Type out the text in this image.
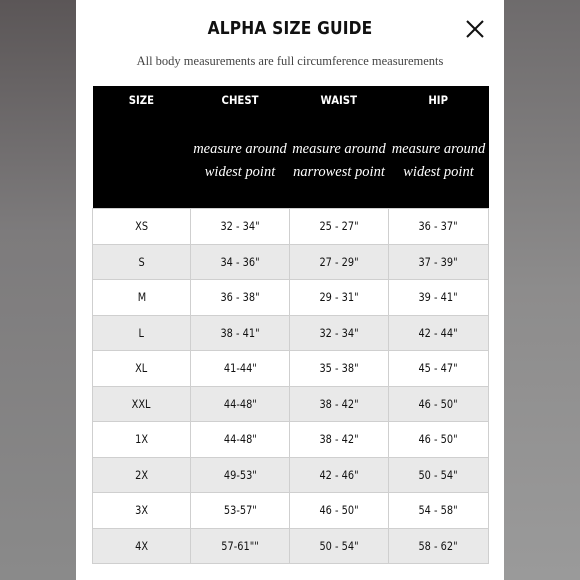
ALPHA SIZE GUIDE
All body measurements are full circumference measurements
SIZE	CHEST	WAIST	HIP
	measure around widest point	measure around narrowest point	measure around widest point
XS	32 - 34"	25 - 27"	36 - 37"
S	34 - 36"	27 - 29"	37 - 39"
M	36 - 38"	29 - 31"	39 - 41"
L	38 - 41"	32 - 34"	42 - 44"
XL	41-44"	35 - 38"	45 - 47"
XXL	44-48"	38 - 42"	46 - 50"
1X	44-48"	38 - 42"	46 - 50"
2X	49-53"	42 - 46"	50 - 54"
3X	53-57"	46 - 50"	54 - 58"
4X	57-61""	50 - 54"	58 - 62"
